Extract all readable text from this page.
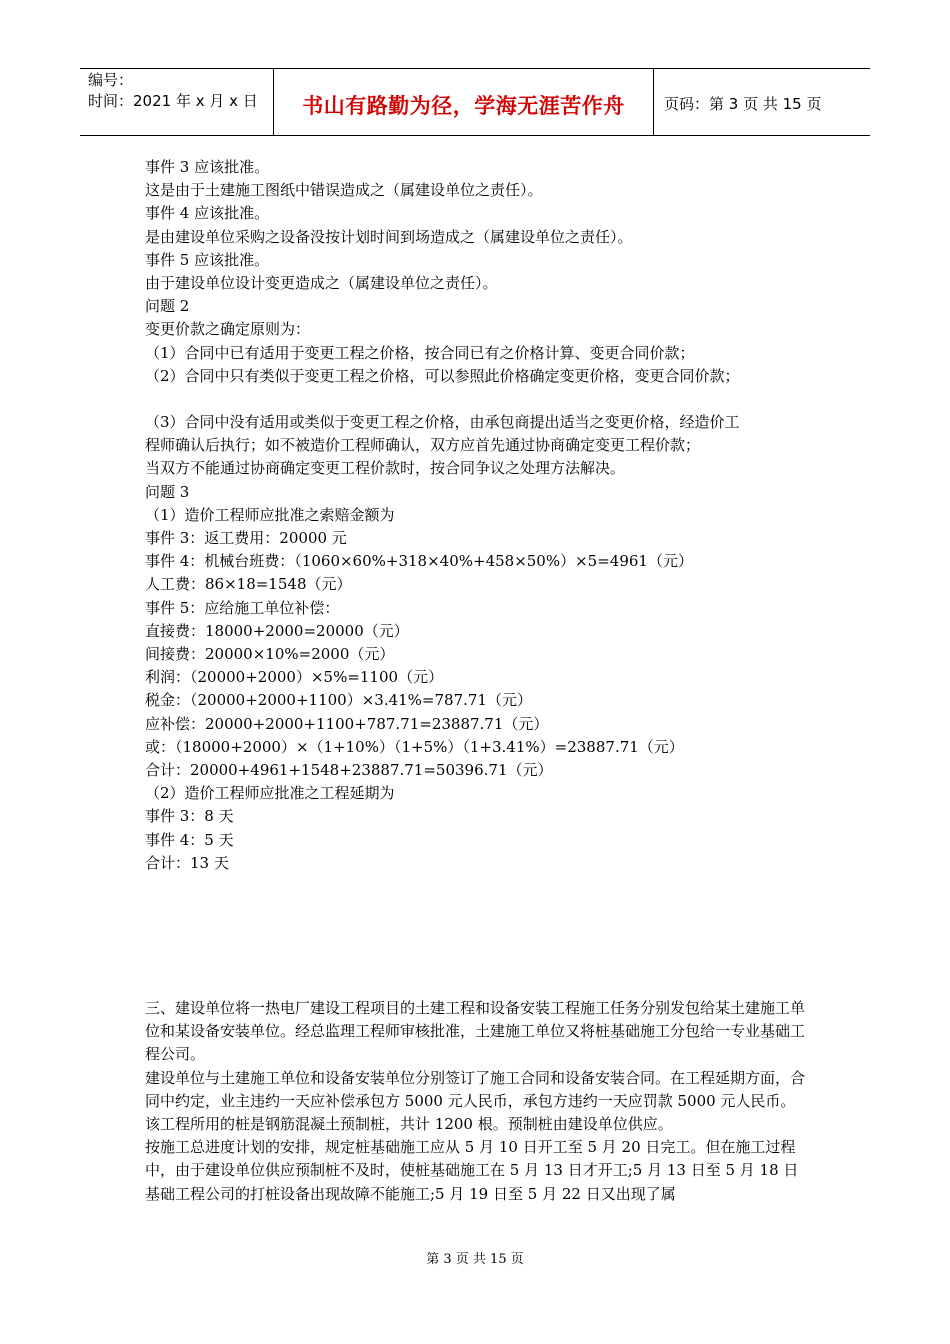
编号：
时间：2021 年 x 月 x 日	书山有路勤为径，学海无涯苦作舟	页码：第 3 页 共 15 页

事件 3 应该批准。

这是由于土建施工图纸中错误造成之（属建设单位之责任）。

事件 4 应该批准。

是由建设单位采购之设备没按计划时间到场造成之（属建设单位之责任）。

事件 5 应该批准。

由于建设单位设计变更造成之（属建设单位之责任）。

问题 2

变更价款之确定原则为：

（1）合同中已有适用于变更工程之价格，按合同已有之价格计算、变更合同价款；

（2）合同中只有类似于变更工程之价格，可以参照此价格确定变更价格，变更合同价款；

（3）合同中没有适用或类似于变更工程之价格，由承包商提出适当之变更价格，经造价工

程师确认后执行；如不被造价工程师确认，双方应首先通过协商确定变更工程价款；

当双方不能通过协商确定变更工程价款时，按合同争议之处理方法解决。

问题 3

（1）造价工程师应批准之索赔金额为

事件 3：返工费用：20000 元

事件 4：机械台班费：（1060×60%+318×40%+458×50%）×5=4961（元）

人工费：86×18=1548（元）

事件 5：应给施工单位补偿：

直接费：18000+2000=20000（元）

间接费：20000×10%=2000（元）

利润：（20000+2000）×5%=1100（元）

税金：（20000+2000+1100）×3.41%=787.71（元）

应补偿：20000+2000+1100+787.71=23887.71（元）

或：（18000+2000）×（1+10%）（1+5%）（1+3.41%）=23887.71（元）

合计：20000+4961+1548+23887.71=50396.71（元）

（2）造价工程师应批准之工程延期为

事件 3：8 天

事件 4：5 天

合计：13 天

三、建设单位将一热电厂建设工程项目的土建工程和设备安装工程施工任务分别发包给某土建施工单位和某设备安装单位。经总监理工程师审核批准，土建施工单位又将桩基础施工分包给一专业基础工程公司。

建设单位与土建施工单位和设备安装单位分别签订了施工合同和设备安装合同。在工程延期方面，合同中约定，业主违约一天应补偿承包方 5000 元人民币，承包方违约一天应罚款 5000 元人民币。

该工程所用的桩是钢筋混凝土预制桩，共计 1200 根。预制桩由建设单位供应。

按施工总进度计划的安排，规定桩基础施工应从 5 月 10 日开工至 5 月 20 日完工。但在施工过程中，由于建设单位供应预制桩不及时，使桩基础施工在 5 月 13 日才开工;5 月 13 日至 5 月 18 日基础工程公司的打桩设备出现故障不能施工;5 月 19 日至 5 月 22 日又出现了属

第 3 页 共 15 页
